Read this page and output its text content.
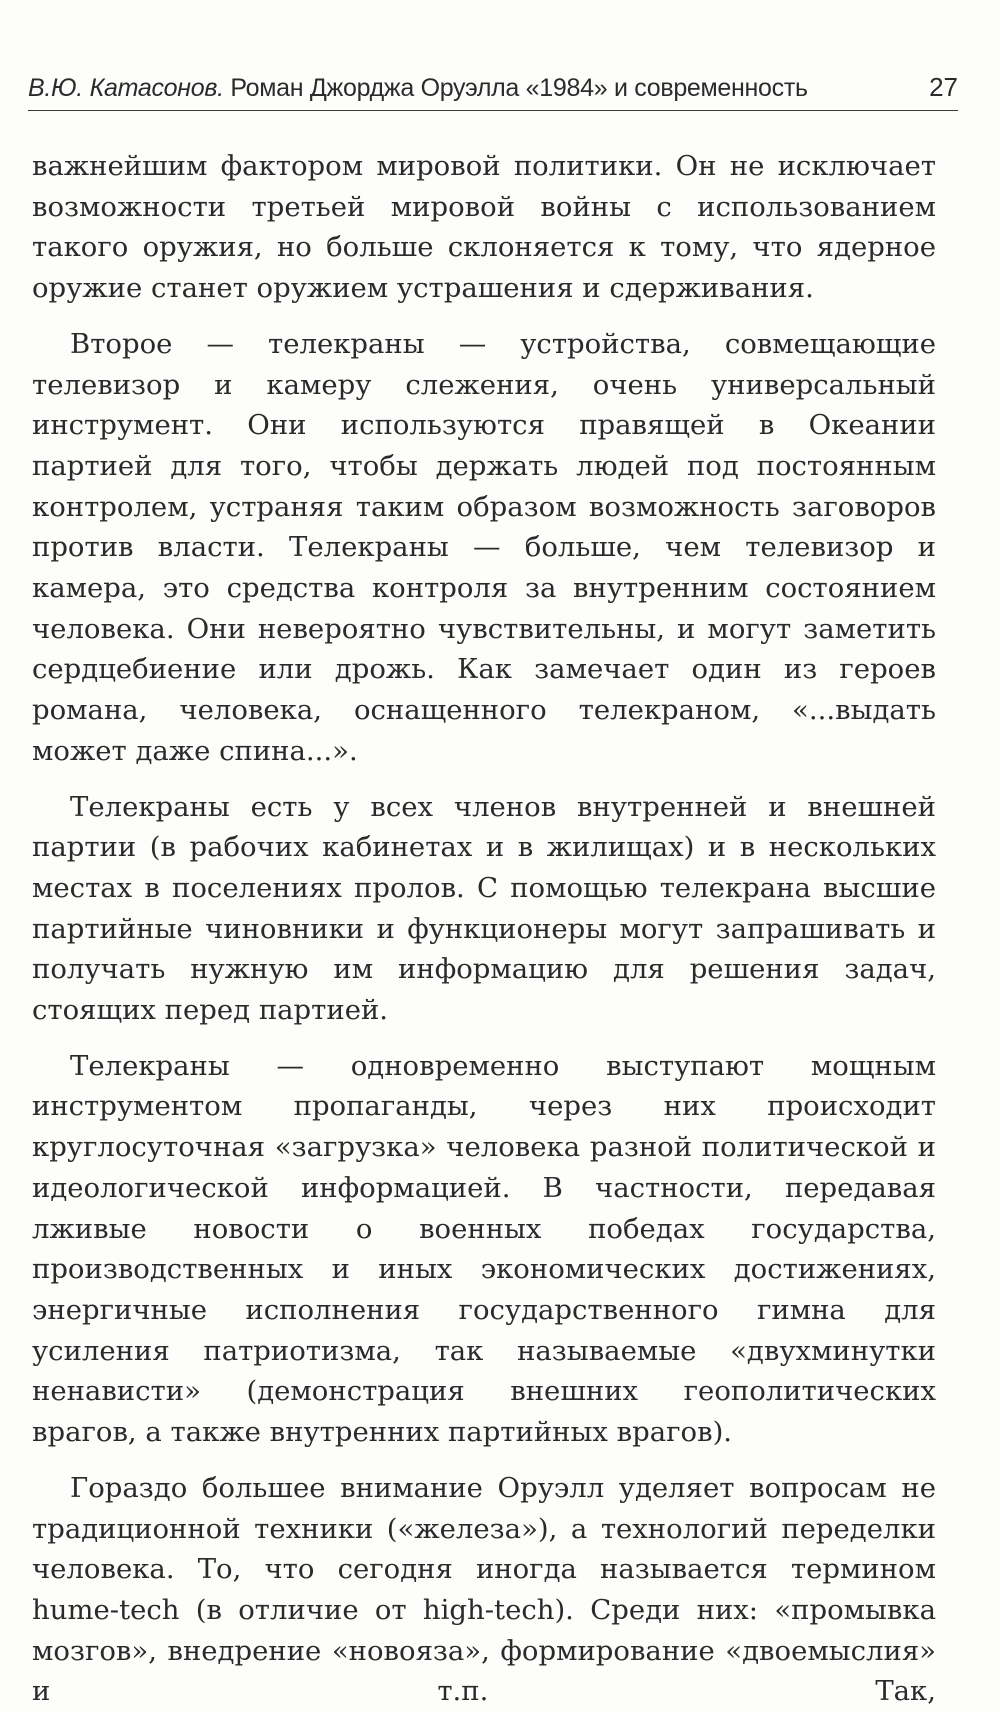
В.Ю. Катасонов. Роман Джорджа Оруэлла «1984» и современность	27

важнейшим фактором мировой политики. Он не исключает возможности третьей мировой войны с использованием такого оружия, но больше склоняется к тому, что ядерное оружие станет оружием устрашения и сдерживания.

Второе — телекраны — устройства, совмещающие телевизор и камеру слежения, очень универсальный инструмент. Они используются правящей в Океании партией для того, чтобы держать людей под постоянным контролем, устраняя таким образом возможность заговоров против власти. Телекраны — больше, чем телевизор и камера, это средства контроля за внутренним состоянием человека. Они невероятно чувствительны, и могут заметить сердцебиение или дрожь. Как замечает один из героев романа, человека, оснащенного телекраном, «...выдать может даже спина...».

Телекраны есть у всех членов внутренней и внешней партии (в рабочих кабинетах и в жилищах) и в нескольких местах в поселениях пролов. С помощью телекрана высшие партийные чиновники и функционеры могут запрашивать и получать нужную им информацию для решения задач, стоящих перед партией.

Телекраны — одновременно выступают мощным инструментом пропаганды, через них происходит круглосуточная «загрузка» человека разной политической и идеологической информацией. В частности, передавая лживые новости о военных победах государства, производственных и иных экономических достижениях, энергичные исполнения государственного гимна для усиления патриотизма, так называемые «двухминутки ненависти» (демонстрация внешних геополитических врагов, а также внутренних партийных врагов).

Гораздо большее внимание Оруэлл уделяет вопросам не традиционной техники («железа»), а технологий переделки человека. То, что сегодня иногда называется термином hume-tech (в отличие от high-tech). Среди них: «промывка мозгов», внедрение «новояза», формирование «двоемыслия» и т.п. Так,
